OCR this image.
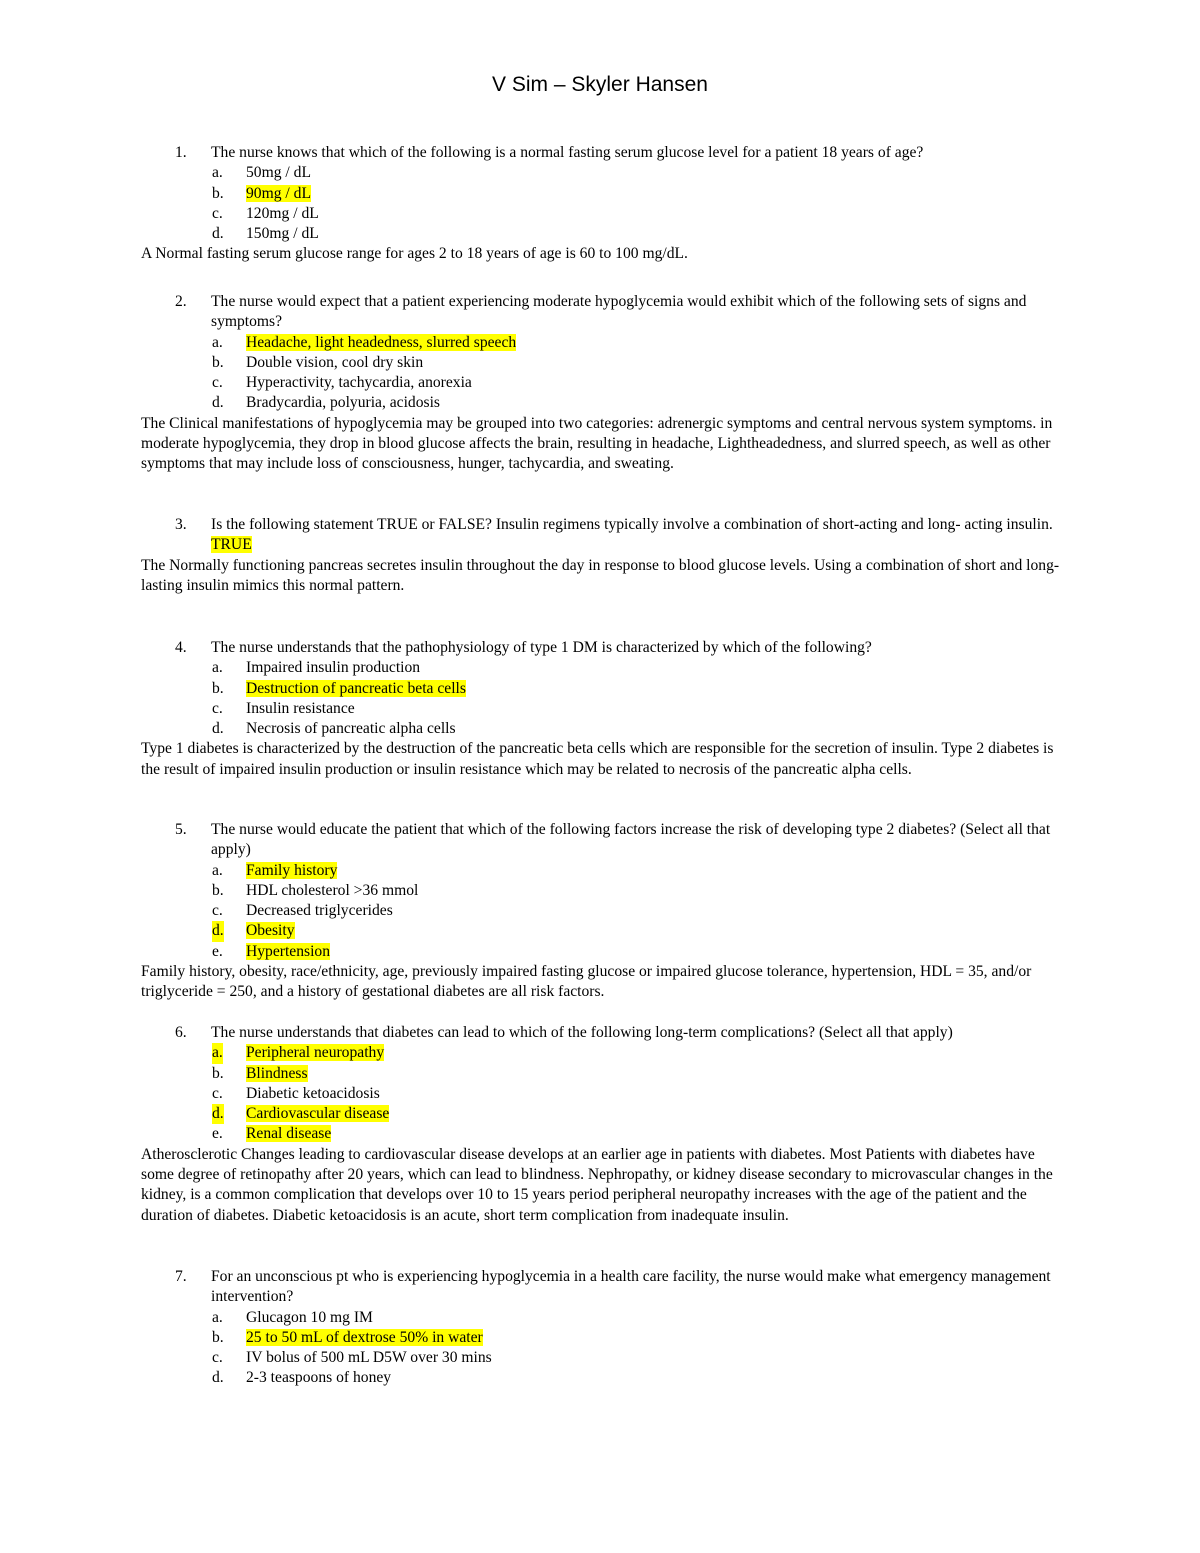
V Sim – Skyler Hansen
1. The nurse knows that which of the following is a normal fasting serum glucose level for a patient 18 years of age?
a. 50mg / dL
b. 90mg / dL
c. 120mg / dL
d. 150mg / dL
A Normal fasting serum glucose range for ages 2 to 18 years of age is 60 to 100 mg/dL.
2. The nurse would expect that a patient experiencing moderate hypoglycemia would exhibit which of the following sets of signs and symptoms?
a. Headache, light headedness, slurred speech
b. Double vision, cool dry skin
c. Hyperactivity, tachycardia, anorexia
d. Bradycardia, polyuria, acidosis
The Clinical manifestations of hypoglycemia may be grouped into two categories: adrenergic symptoms and central nervous system symptoms. in moderate hypoglycemia, they drop in blood glucose affects the brain, resulting in headache, Lightheadedness, and slurred speech, as well as other symptoms that may include loss of consciousness, hunger, tachycardia, and sweating.
3. Is the following statement TRUE or FALSE? Insulin regimens typically involve a combination of short-acting and long- acting insulin.
TRUE
The Normally functioning pancreas secretes insulin throughout the day in response to blood glucose levels. Using a combination of short and long-lasting insulin mimics this normal pattern.
4. The nurse understands that the pathophysiology of type 1 DM is characterized by which of the following?
a. Impaired insulin production
b. Destruction of pancreatic beta cells
c. Insulin resistance
d. Necrosis of pancreatic alpha cells
Type 1 diabetes is characterized by the destruction of the pancreatic beta cells which are responsible for the secretion of insulin. Type 2 diabetes is the result of impaired insulin production or insulin resistance which may be related to necrosis of the pancreatic alpha cells.
5. The nurse would educate the patient that which of the following factors increase the risk of developing type 2 diabetes? (Select all that apply)
a. Family history
b. HDL cholesterol >36 mmol
c. Decreased triglycerides
d. Obesity
e. Hypertension
Family history, obesity, race/ethnicity, age, previously impaired fasting glucose or impaired glucose tolerance, hypertension, HDL = 35, and/or triglyceride = 250, and a history of gestational diabetes are all risk factors.
6. The nurse understands that diabetes can lead to which of the following long-term complications? (Select all that apply)
a. Peripheral neuropathy
b. Blindness
c. Diabetic ketoacidosis
d. Cardiovascular disease
e. Renal disease
Atherosclerotic Changes leading to cardiovascular disease develops at an earlier age in patients with diabetes. Most Patients with diabetes have some degree of retinopathy after 20 years, which can lead to blindness. Nephropathy, or kidney disease secondary to microvascular changes in the kidney, is a common complication that develops over 10 to 15 years period peripheral neuropathy increases with the age of the patient and the duration of diabetes. Diabetic ketoacidosis is an acute, short term complication from inadequate insulin.
7. For an unconscious pt who is experiencing hypoglycemia in a health care facility, the nurse would make what emergency management intervention?
a. Glucagon 10 mg IM
b. 25 to 50 mL of dextrose 50% in water
c. IV bolus of 500 mL D5W over 30 mins
d. 2-3 teaspoons of honey
